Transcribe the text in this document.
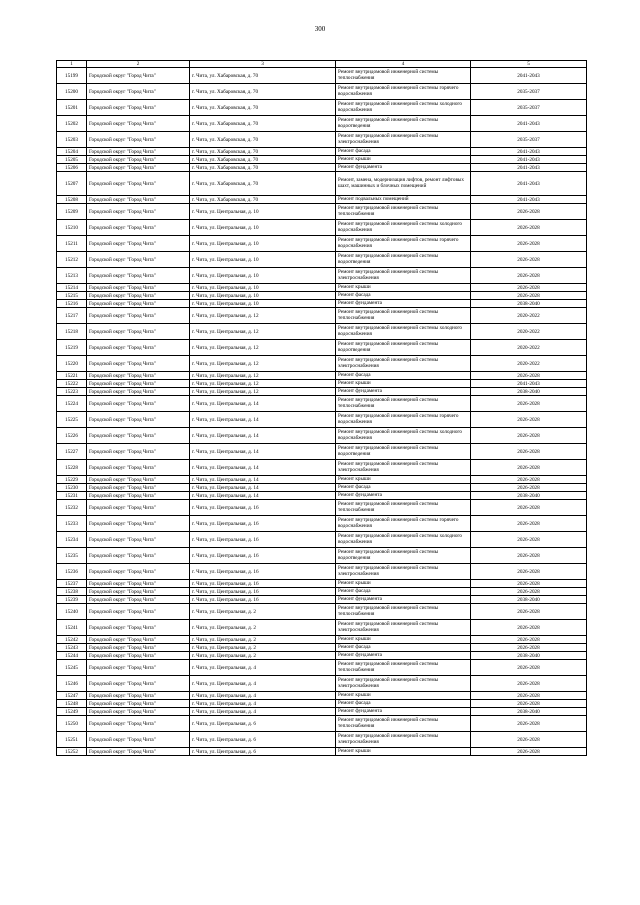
300
1	2	3	4	5
15199	Городской округ "Город Чита"	г. Чита, ул. Хабаровская, д. 70	Ремонт внутридомовой инженерной системы теплоснабжения	2041-2043
15200	Городской округ "Город Чита"	г. Чита, ул. Хабаровская, д. 70	Ремонт внутридомовой инженерной системы горячего водоснабжения	2035-2037
15201	Городской округ "Город Чита"	г. Чита, ул. Хабаровская, д. 70	Ремонт внутридомовой инженерной системы холодного водоснабжения	2035-2037
15202	Городской округ "Город Чита"	г. Чита, ул. Хабаровская, д. 70	Ремонт внутридомовой инженерной системы водоотведения	2041-2043
15203	Городской округ "Город Чита"	г. Чита, ул. Хабаровская, д. 70	Ремонт внутридомовой инженерной системы электроснабжения	2035-2037
15204	Городской округ "Город Чита"	г. Чита, ул. Хабаровская, д. 70	Ремонт фасада	2041-2043
15205	Городской округ "Город Чита"	г. Чита, ул. Хабаровская, д. 70	Ремонт крыши	2041-2043
15206	Городской округ "Город Чита"	г. Чита, ул. Хабаровская, д. 70	Ремонт фундамента	2041-2043
15207	Городской округ "Город Чита"	г. Чита, ул. Хабаровская, д. 70	Ремонт, замена, модернизация лифтов, ремонт лифтовых шахт, машинных и блочных помещений	2041-2043
15208	Городской округ "Город Чита"	г. Чита, ул. Хабаровская, д. 70	Ремонт подвальных помещений	2041-2043
15209	Городской округ "Город Чита"	г. Чита, ул. Центральная, д. 10	Ремонт внутридомовой инженерной системы теплоснабжения	2026-2028
15210	Городской округ "Город Чита"	г. Чита, ул. Центральная, д. 10	Ремонт внутридомовой инженерной системы холодного водоснабжения	2026-2028
15211	Городской округ "Город Чита"	г. Чита, ул. Центральная, д. 10	Ремонт внутридомовой инженерной системы горячего водоснабжения	2026-2028
15212	Городской округ "Город Чита"	г. Чита, ул. Центральная, д. 10	Ремонт внутридомовой инженерной системы водоотведения	2026-2028
15213	Городской округ "Город Чита"	г. Чита, ул. Центральная, д. 10	Ремонт внутридомовой инженерной системы электроснабжения	2026-2028
15214	Городской округ "Город Чита"	г. Чита, ул. Центральная, д. 10	Ремонт крыши	2026-2028
15215	Городской округ "Город Чита"	г. Чита, ул. Центральная, д. 10	Ремонт фасада	2026-2028
15216	Городской округ "Город Чита"	г. Чита, ул. Центральная, д. 10	Ремонт фундамента	2038-2040
15217	Городской округ "Город Чита"	г. Чита, ул. Центральная, д. 12	Ремонт внутридомовой инженерной системы теплоснабжения	2020-2022
15218	Городской округ "Город Чита"	г. Чита, ул. Центральная, д. 12	Ремонт внутридомовой инженерной системы холодного водоснабжения	2020-2022
15219	Городской округ "Город Чита"	г. Чита, ул. Центральная, д. 12	Ремонт внутридомовой инженерной системы водоотведения	2020-2022
15220	Городской округ "Город Чита"	г. Чита, ул. Центральная, д. 12	Ремонт внутридомовой инженерной системы электроснабжения	2020-2022
15221	Городской округ "Город Чита"	г. Чита, ул. Центральная, д. 12	Ремонт фасада	2026-2028
15222	Городской округ "Город Чита"	г. Чита, ул. Центральная, д. 12	Ремонт крыши	2041-2043
15223	Городской округ "Город Чита"	г. Чита, ул. Центральная, д. 12	Ремонт фундамента	2038-2040
15224	Городской округ "Город Чита"	г. Чита, ул. Центральная, д. 14	Ремонт внутридомовой инженерной системы теплоснабжения	2026-2028
15225	Городской округ "Город Чита"	г. Чита, ул. Центральная, д. 14	Ремонт внутридомовой инженерной системы горячего водоснабжения	2026-2028
15226	Городской округ "Город Чита"	г. Чита, ул. Центральная, д. 14	Ремонт внутридомовой инженерной системы холодного водоснабжения	2026-2028
15227	Городской округ "Город Чита"	г. Чита, ул. Центральная, д. 14	Ремонт внутридомовой инженерной системы водоотведения	2026-2028
15228	Городской округ "Город Чита"	г. Чита, ул. Центральная, д. 14	Ремонт внутридомовой инженерной системы электроснабжения	2026-2028
15229	Городской округ "Город Чита"	г. Чита, ул. Центральная, д. 14	Ремонт крыши	2026-2028
15230	Городской округ "Город Чита"	г. Чита, ул. Центральная, д. 14	Ремонт фасада	2026-2028
15231	Городской округ "Город Чита"	г. Чита, ул. Центральная, д. 14	Ремонт фундамента	2038-2040
15232	Городской округ "Город Чита"	г. Чита, ул. Центральная, д. 16	Ремонт внутридомовой инженерной системы теплоснабжения	2026-2028
15233	Городской округ "Город Чита"	г. Чита, ул. Центральная, д. 16	Ремонт внутридомовой инженерной системы горячего водоснабжения	2026-2028
15234	Городской округ "Город Чита"	г. Чита, ул. Центральная, д. 16	Ремонт внутридомовой инженерной системы холодного водоснабжения	2026-2028
15235	Городской округ "Город Чита"	г. Чита, ул. Центральная, д. 16	Ремонт внутридомовой инженерной системы водоотведения	2026-2028
15236	Городской округ "Город Чита"	г. Чита, ул. Центральная, д. 16	Ремонт внутридомовой инженерной системы электроснабжения	2026-2028
15237	Городской округ "Город Чита"	г. Чита, ул. Центральная, д. 16	Ремонт крыши	2026-2028
15238	Городской округ "Город Чита"	г. Чита, ул. Центральная, д. 16	Ремонт фасада	2026-2028
15239	Городской округ "Город Чита"	г. Чита, ул. Центральная, д. 16	Ремонт фундамента	2038-2040
15240	Городской округ "Город Чита"	г. Чита, ул. Центральная, д. 2	Ремонт внутридомовой инженерной системы теплоснабжения	2026-2028
15241	Городской округ "Город Чита"	г. Чита, ул. Центральная, д. 2	Ремонт внутридомовой инженерной системы электроснабжения	2026-2028
15242	Городской округ "Город Чита"	г. Чита, ул. Центральная, д. 2	Ремонт крыши	2026-2028
15243	Городской округ "Город Чита"	г. Чита, ул. Центральная, д. 2	Ремонт фасада	2026-2028
15244	Городской округ "Город Чита"	г. Чита, ул. Центральная, д. 2	Ремонт фундамента	2038-2040
15245	Городской округ "Город Чита"	г. Чита, ул. Центральная, д. 4	Ремонт внутридомовой инженерной системы теплоснабжения	2026-2028
15246	Городской округ "Город Чита"	г. Чита, ул. Центральная, д. 4	Ремонт внутридомовой инженерной системы электроснабжения	2026-2028
15247	Городской округ "Город Чита"	г. Чита, ул. Центральная, д. 4	Ремонт крыши	2026-2028
15248	Городской округ "Город Чита"	г. Чита, ул. Центральная, д. 4	Ремонт фасада	2026-2028
15249	Городской округ "Город Чита"	г. Чита, ул. Центральная, д. 4	Ремонт фундамента	2038-2040
15250	Городской округ "Город Чита"	г. Чита, ул. Центральная, д. 6	Ремонт внутридомовой инженерной системы теплоснабжения	2026-2028
15251	Городской округ "Город Чита"	г. Чита, ул. Центральная, д. 6	Ремонт внутридомовой инженерной системы электроснабжения	2026-2028
15252	Городской округ "Город Чита"	г. Чита, ул. Центральная, д. 6	Ремонт крыши	2026-2028
